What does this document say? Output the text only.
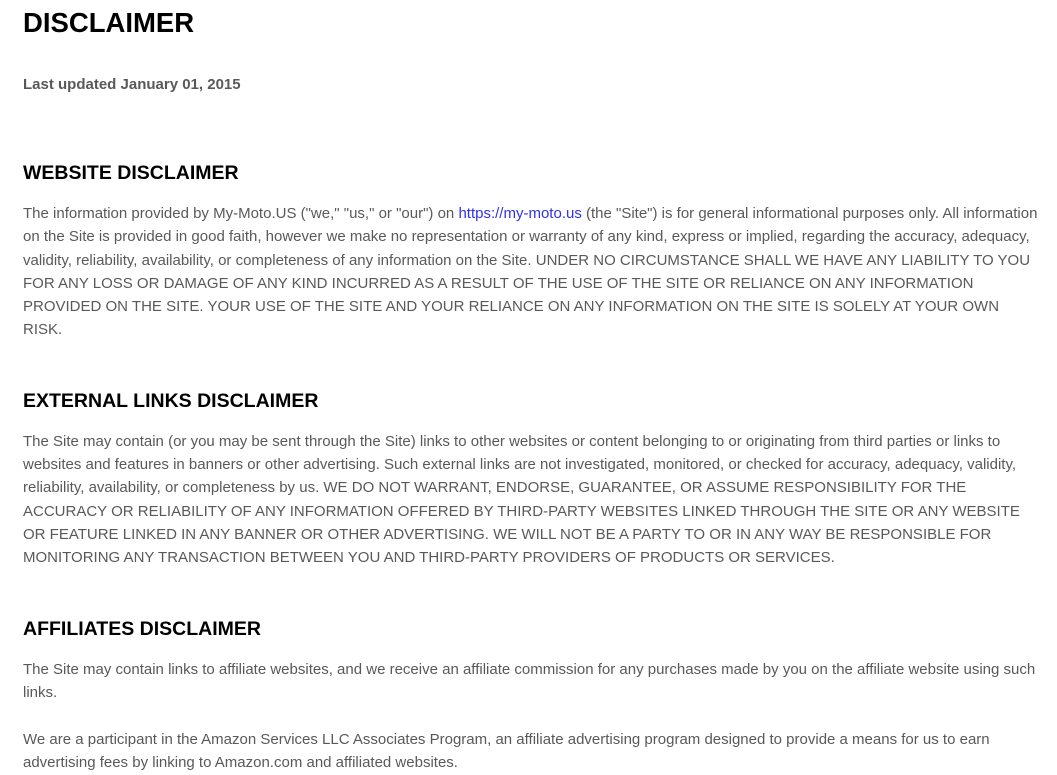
DISCLAIMER

Last updated January 01, 2015

WEBSITE DISCLAIMER

The information provided by My-Moto.US ("we," "us," or "our") on https://my-moto.us (the "Site") is for general informational purposes only. All information on the Site is provided in good faith, however we make no representation or warranty of any kind, express or implied, regarding the accuracy, adequacy, validity, reliability, availability, or completeness of any information on the Site. UNDER NO CIRCUMSTANCE SHALL WE HAVE ANY LIABILITY TO YOU FOR ANY LOSS OR DAMAGE OF ANY KIND INCURRED AS A RESULT OF THE USE OF THE SITE OR RELIANCE ON ANY INFORMATION PROVIDED ON THE SITE. YOUR USE OF THE SITE AND YOUR RELIANCE ON ANY INFORMATION ON THE SITE IS SOLELY AT YOUR OWN RISK.

EXTERNAL LINKS DISCLAIMER

The Site may contain (or you may be sent through the Site) links to other websites or content belonging to or originating from third parties or links to websites and features in banners or other advertising. Such external links are not investigated, monitored, or checked for accuracy, adequacy, validity, reliability, availability, or completeness by us. WE DO NOT WARRANT, ENDORSE, GUARANTEE, OR ASSUME RESPONSIBILITY FOR THE ACCURACY OR RELIABILITY OF ANY INFORMATION OFFERED BY THIRD-PARTY WEBSITES LINKED THROUGH THE SITE OR ANY WEBSITE OR FEATURE LINKED IN ANY BANNER OR OTHER ADVERTISING. WE WILL NOT BE A PARTY TO OR IN ANY WAY BE RESPONSIBLE FOR MONITORING ANY TRANSACTION BETWEEN YOU AND THIRD-PARTY PROVIDERS OF PRODUCTS OR SERVICES.

AFFILIATES DISCLAIMER

The Site may contain links to affiliate websites, and we receive an affiliate commission for any purchases made by you on the affiliate website using such links.

We are a participant in the Amazon Services LLC Associates Program, an affiliate advertising program designed to provide a means for us to earn advertising fees by linking to Amazon.com and affiliated websites.
